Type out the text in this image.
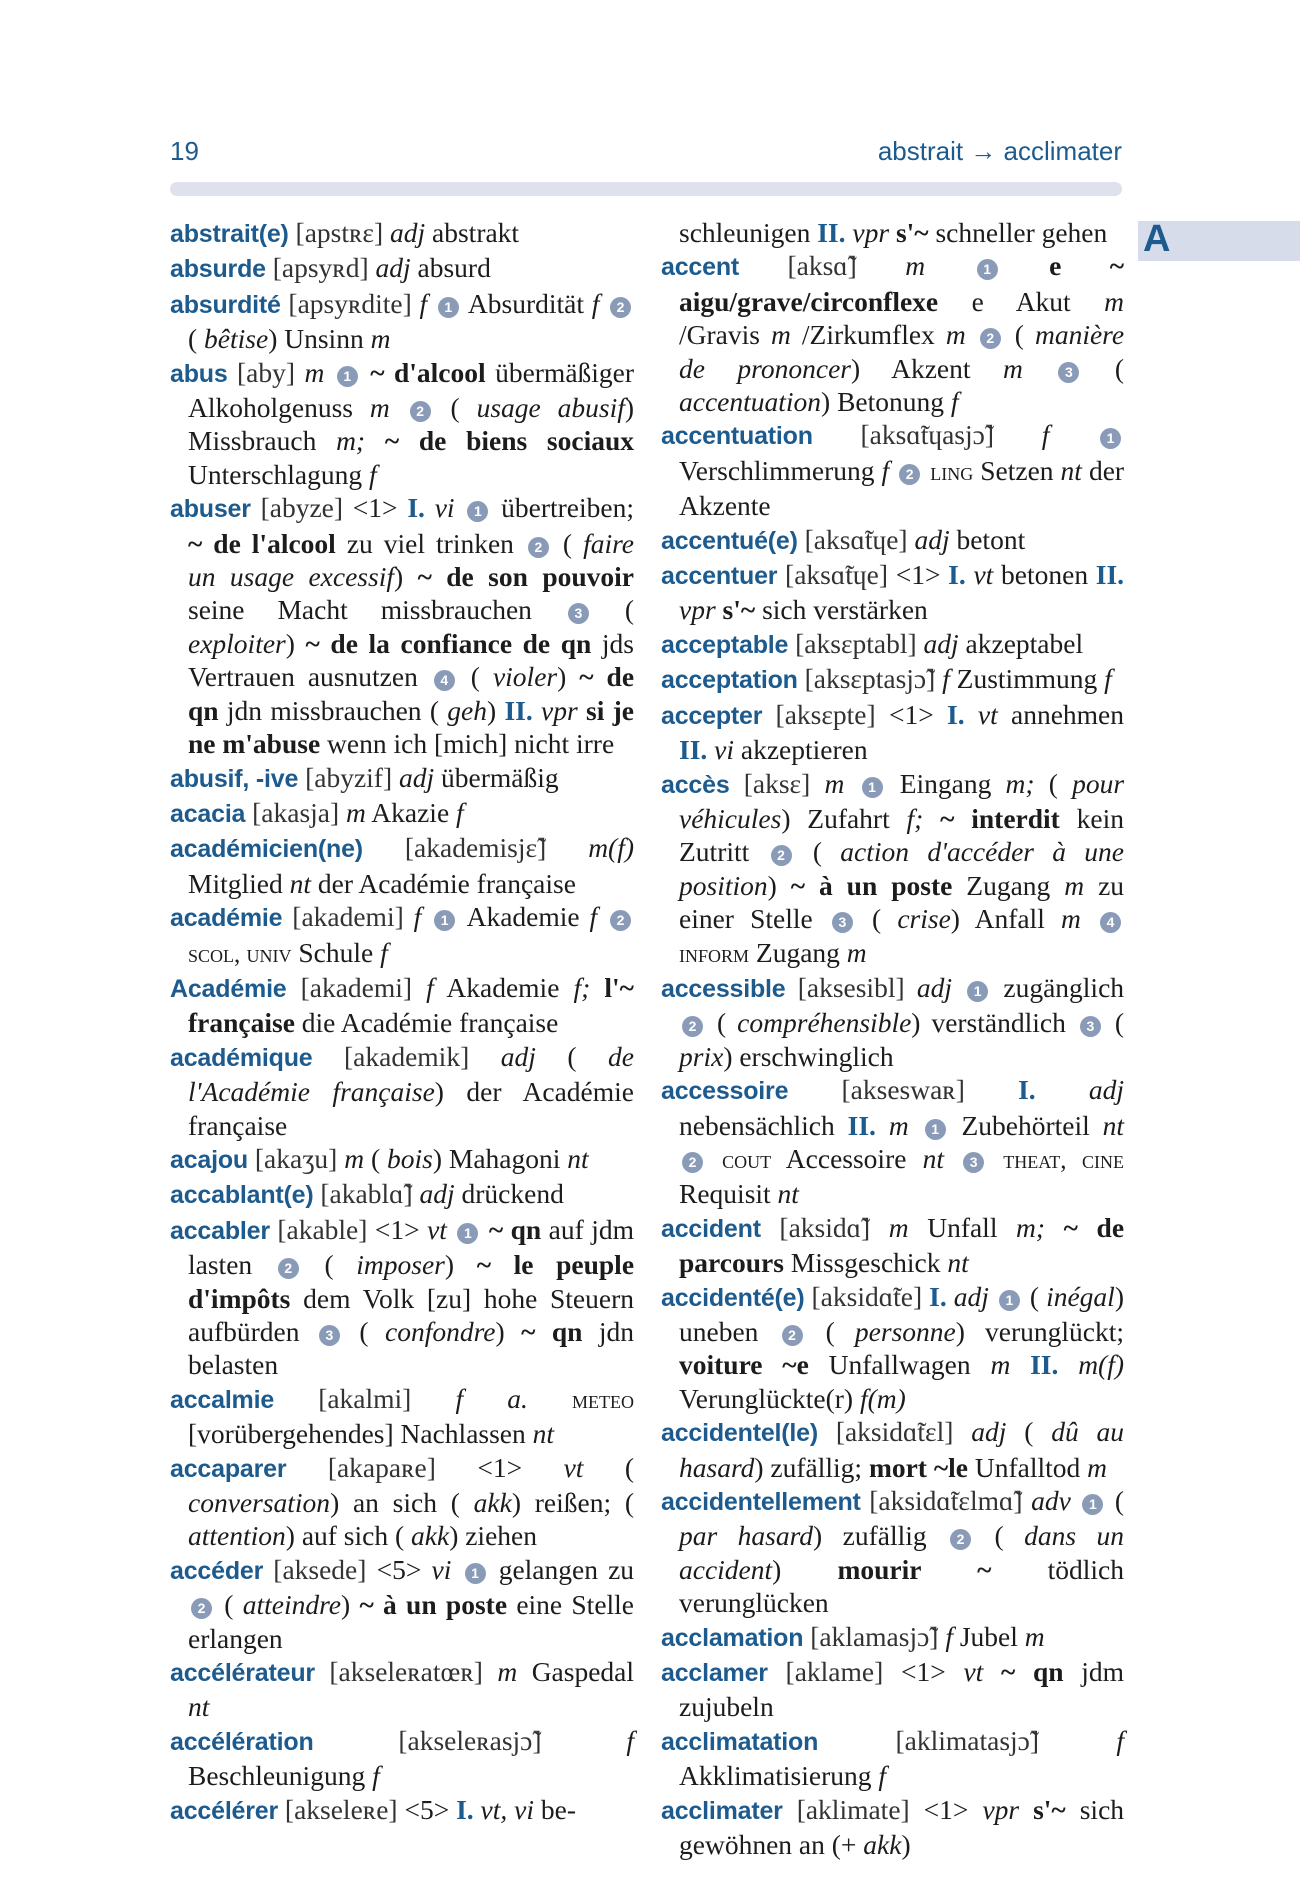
19	abstrait → acclimater
A
abstrait(e) [apstʀɛ] adj abstrakt
absurde [apsyʀd] adj absurd
absurdité [apsyʀdite] f 1 Absurdität f 2 ( bêtise) Unsinn m
abus [aby] m 1 ~ d'alcool übermäßiger Alkoholgenuss m 2 ( usage abusif) Missbrauch m; ~ de biens sociaux Unterschlagung f
abuser [abyze] <1> I. vi 1 übertreiben; ~ de l'alcool zu viel trinken 2 ( faire un usage excessif) ~ de son pouvoir seine Macht missbrauchen	3 ( exploiter) ~ de la confiance de qn jds Vertrauen ausnutzen 4 ( violer) ~ de qn jdn missbrauchen ( geh) II. vpr si je ne m'abuse wenn ich [mich] nicht irre
abusif, -ive [abyzif] adj übermäßig
acacia [akasja] m Akazie f
académicien(ne) [akademisjɛ̃] m(f) Mitglied nt der Académie française
académie [akademi] f 1 Akademie f 2 scol, univ Schule f
Académie [akademi] f Akademie f; l'~ française die Académie française
académique [akademik] adj ( de l'Académie française) der Académie française
acajou [akaʒu] m ( bois) Mahagoni nt
accablant(e) [akablɑ̃] adj drückend
accabler [akable] <1> vt 1 ~ qn auf jdm lasten 2 ( imposer) ~ le peuple d'impôts dem Volk [zu] hohe Steuern aufbürden 3 ( confondre) ~ qn jdn belasten
accalmie [akalmi] f a. meteo [vorübergehendes] Nachlassen nt
accaparer [akapaʀe] <1> vt ( conversation) an sich ( akk) reißen; ( attention) auf sich ( akk) ziehen
accéder [aksede] <5> vi 1 gelangen zu 2 ( atteindre) ~ à un poste eine Stelle erlangen
accélérateur [akseleʀatœʀ] m Gaspedal nt
accélération	[akseleʀasjɔ̃]	f Beschleunigung f
accélérer [akseleʀe] <5> I. vt, vi be-
schleunigen II. vpr s'~ schneller gehen
accent [aksɑ̃] m	1 e ~ aigu/grave/circonflexe e Akut m /Gravis m /Zirkumflex m 2 ( manière de prononcer) Akzent m	3 ( accentuation) Betonung f
accentuation [aksɑ̃tɥasjɔ̃] f	1 Verschlimmerung f 2 ling Setzen nt der Akzente
accentué(e) [aksɑ̃tɥe] adj betont
accentuer [aksɑ̃tɥe] <1> I. vt betonen II. vpr s'~ sich verstärken
acceptable [aksɛptabl] adj akzeptabel
acceptation [aksɛptasjɔ̃] f Zustimmung f
accepter [aksɛpte] <1> I. vt annehmen II. vi akzeptieren
accès [aksɛ] m 1 Eingang m; ( pour véhicules) Zufahrt f; ~ interdit kein Zutritt 2 ( action d'accéder à une position) ~ à un poste Zugang m zu einer Stelle 3 ( crise) Anfall m 4 inform Zugang m
accessible [aksesibl] adj 1 zugänglich 2 ( compréhensible) verständlich 3 ( prix) erschwinglich
accessoire [akseswaʀ] I. adj nebensächlich II. m 1 Zubehörteil nt 2 cout Accessoire nt 3 theat, cine Requisit nt
accident [aksidɑ̃] m Unfall m; ~ de parcours Missgeschick nt
accidenté(e) [aksidɑ̃te] I. adj 1 ( inégal) uneben 2 ( personne) verunglückt; voiture ~e Unfallwagen m II. m(f) Verunglückte(r) f(m)
accidentel(le) [aksidɑ̃tɛl] adj ( dû au hasard) zufällig; mort ~le Unfalltod m
accidentellement [aksidɑ̃tɛlmɑ̃] adv 1 ( par hasard) zufällig 2 ( dans un accident) mourir ~ tödlich verunglücken
acclamation [aklamasjɔ̃] f Jubel m
acclamer [aklame] <1> vt ~ qn jdm zujubeln
acclimatation	[aklimatasjɔ̃]	f Akklimatisierung f
acclimater [aklimate] <1> vpr s'~ sich gewöhnen an (+ akk)
